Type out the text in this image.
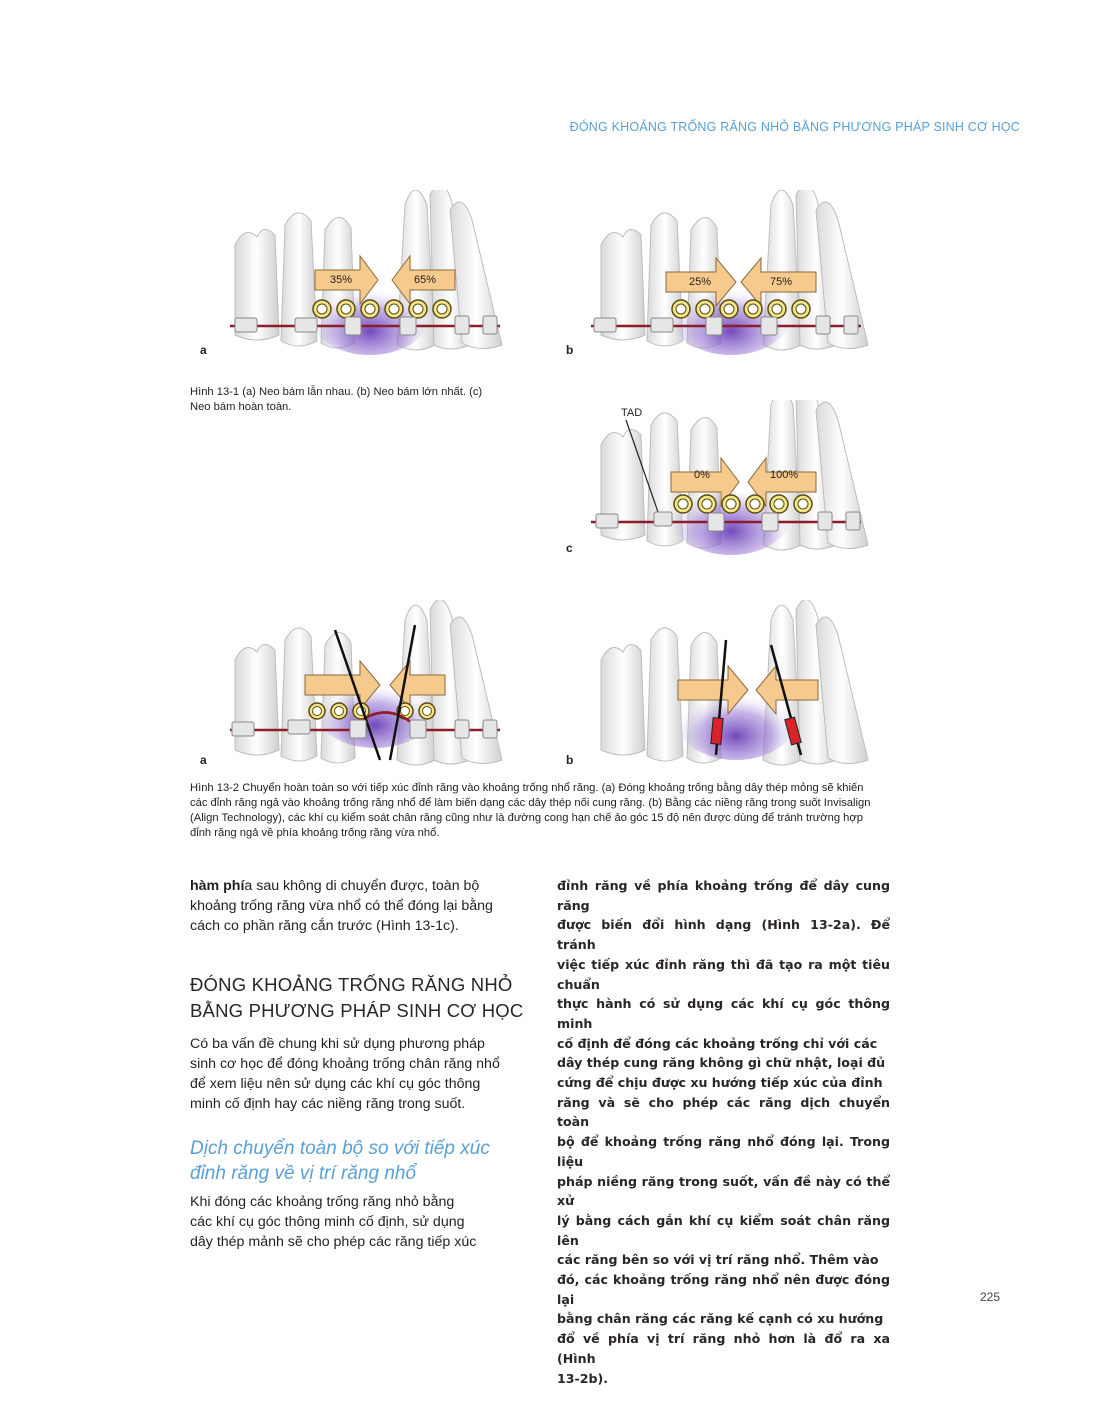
ĐÓNG KHOẢNG TRỐNG RĂNG NHỎ BẰNG PHƯƠNG PHÁP SINH CƠ HỌC
35%	65%
a
25%	75%
b
Hình 13-1 (a) Neo bám lẫn nhau. (b) Neo bám lớn nhất. (c)
Neo bám hoàn toàn.	TAD
0%	100%
c
a	b
Hình 13-2 Chuyển hoàn toàn so với tiếp xúc đỉnh răng vào khoảng trống nhổ răng. (a) Đóng khoảng trống bằng dây thép mỏng sẽ khiến
các đỉnh răng ngả vào khoảng trống răng nhổ để làm biến dạng các dây thép nối cung răng. (b) Bằng các niềng răng trong suốt Invisalign
(Align Technology), các khí cụ kiểm soát chân răng cũng như là đường cong hạn chế ảo góc 15 độ nên được dùng để tránh trường hợp
đỉnh răng ngả về phía khoảng trống răng vừa nhổ.
hàm phía sau không di chuyển được, toàn bộ
khoảng trống răng vừa nhổ có thể đóng lại bằng
cách co phần răng cắn trước (Hình 13-1c).
ĐÓNG KHOẢNG TRỐNG RĂNG NHỎ
BẰNG PHƯƠNG PHÁP SINH CƠ HỌC
Có ba vấn đề chung khi sử dụng phương pháp
sinh cơ học để đóng khoảng trống chân răng nhổ
để xem liệu nên sử dụng các khí cụ góc thông
minh cố định hay các niềng răng trong suốt.
Dịch chuyển toàn bộ so với tiếp xúc
đỉnh răng về vị trí răng nhổ
Khi đóng các khoảng trống răng nhỏ bằng
các khí cụ góc thông minh cố định, sử dụng
dây thép mảnh sẽ cho phép các răng tiếp xúc
đỉnh răng về phía khoảng trống để dây cung răng
được biến đổi hình dạng (Hình 13-2a). Để tránh
việc tiếp xúc đỉnh răng thì đã tạo ra một tiêu chuẩn
thực hành có sử dụng các khí cụ góc thông minh
cố định để đóng các khoảng trống chỉ với các
dây thép cung răng không gì chữ nhật, loại đủ
cứng để chịu được xu hướng tiếp xúc của đỉnh
răng và sẽ cho phép các răng dịch chuyển toàn
bộ để khoảng trống răng nhổ đóng lại. Trong liệu
pháp niềng răng trong suốt, vấn đề này có thể xử
lý bằng cách gắn khí cụ kiểm soát chân răng lên
các răng bên so với vị trí răng nhổ. Thêm vào
đó, các khoảng trống răng nhổ nên được đóng lại
bằng chân răng các răng kế cạnh có xu hướng
đổ về phía vị trí răng nhỏ hơn là đổ ra xa (Hình
13-2b).
225
